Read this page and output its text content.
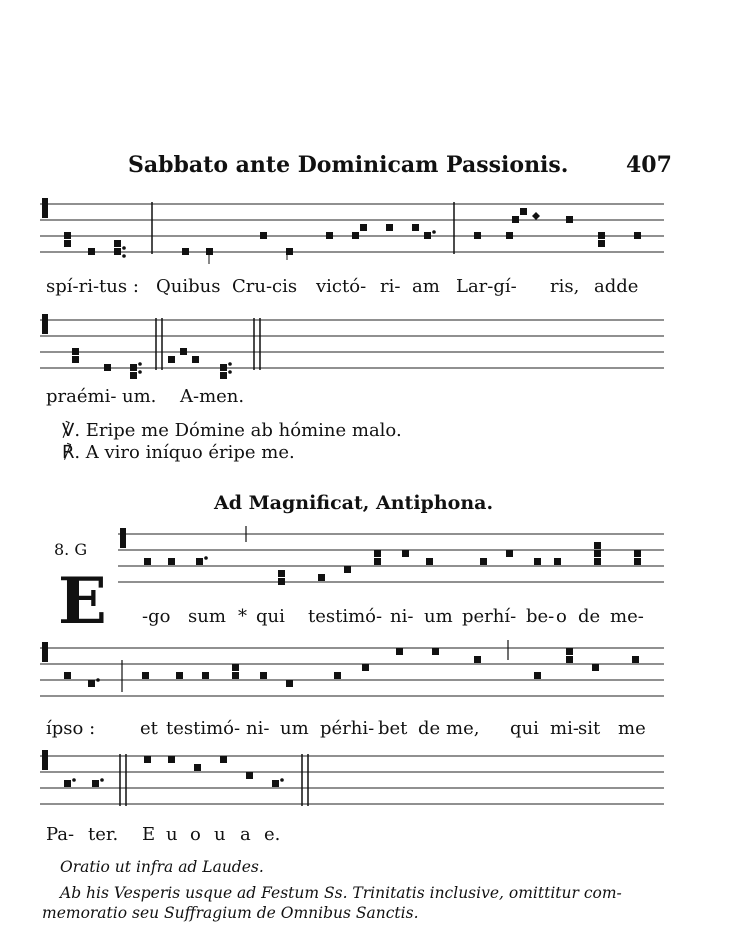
Sabbato ante Dominicam Passionis.	407
spí-ri-tus : Quibus Cru-cis victó- ri- am Lar-gí- ris, adde
praémi- um. A-men.
℣. Eripe me Dómine ab hómine malo.
℟. A viro iníquo éripe me.
Ad Magnificat, Antiphona.
8. G
E -go sum * qui testimó- ni- um perhí- be- o de me-
ípso : et testimó- ni- um pérhi- bet de me, qui mi- sit me
Pa- ter. E u o u a e.
Oratio ut infra ad Laudes.
Ab his Vesperis usque ad Festum Ss. Trinitatis inclusive, omittitur com-
memoratio seu Suffragium de Omnibus Sanctis.
